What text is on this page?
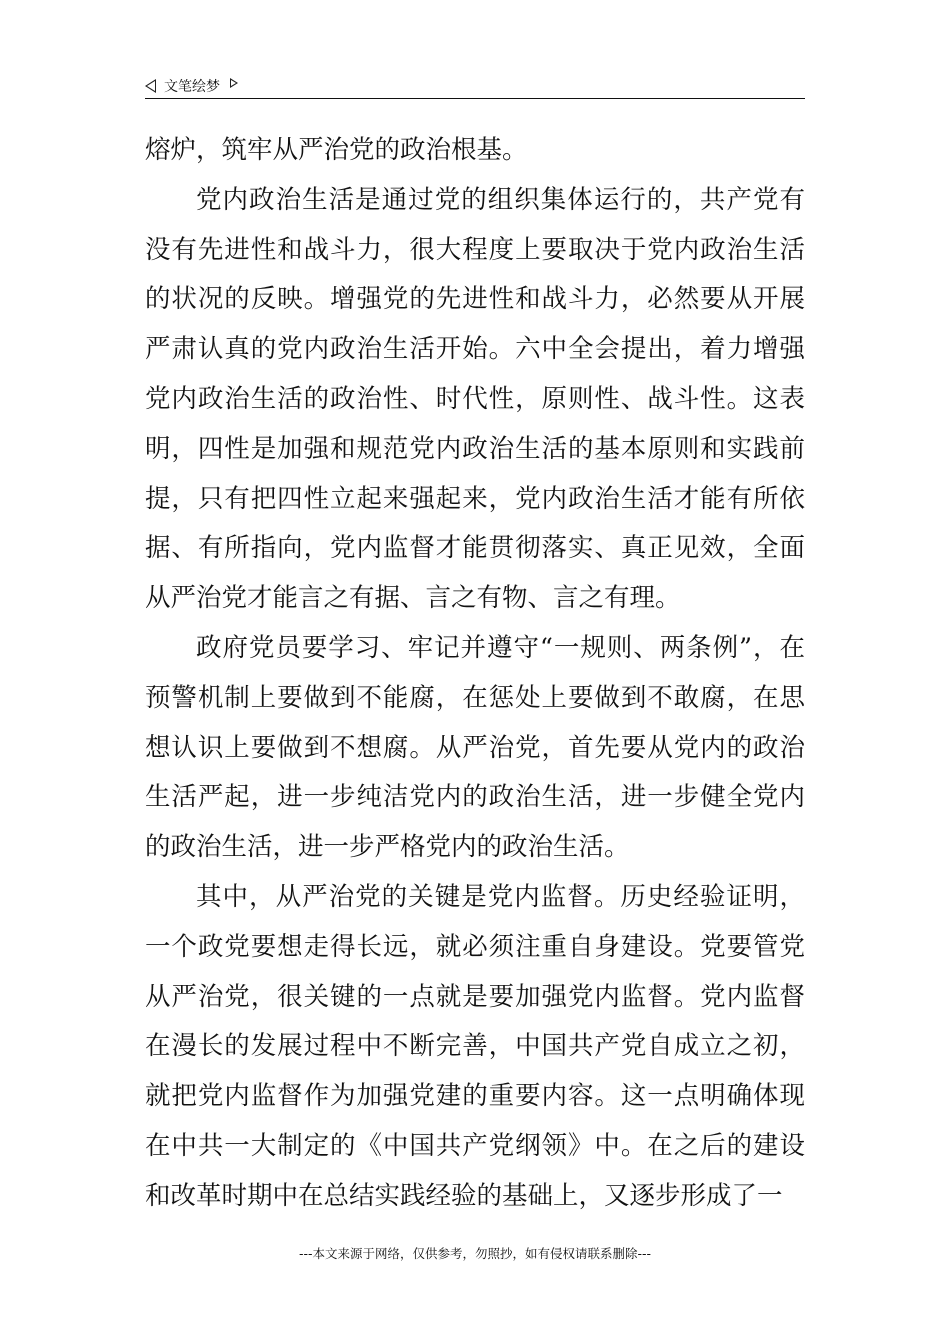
文笔绘梦

熔炉，筑牢从严治党的政治根基。

党内政治生活是通过党的组织集体运行的，共产党有没有先进性和战斗力，很大程度上要取决于党内政治生活的状况的反映。增强党的先进性和战斗力，必然要从开展严肃认真的党内政治生活开始。六中全会提出，着力增强党内政治生活的政治性、时代性，原则性、战斗性。这表明，四性是加强和规范党内政治生活的基本原则和实践前提，只有把四性立起来强起来，党内政治生活才能有所依据、有所指向，党内监督才能贯彻落实、真正见效，全面从严治党才能言之有据、言之有物、言之有理。

政府党员要学习、牢记并遵守“一规则、两条例”，在预警机制上要做到不能腐，在惩处上要做到不敢腐，在思想认识上要做到不想腐。从严治党，首先要从党内的政治生活严起，进一步纯洁党内的政治生活，进一步健全党内的政治生活，进一步严格党内的政治生活。

其中，从严治党的关键是党内监督。历史经验证明，一个政党要想走得长远，就必须注重自身建设。党要管党从严治党，很关键的一点就是要加强党内监督。党内监督在漫长的发展过程中不断完善，中国共产党自成立之初，就把党内监督作为加强党建的重要内容。这一点明确体现在中共一大制定的《中国共产党纲领》中。在之后的建设和改革时期中在总结实践经验的基础上，又逐步形成了一

---本文来源于网络，仅供参考，勿照抄，如有侵权请联系删除---
